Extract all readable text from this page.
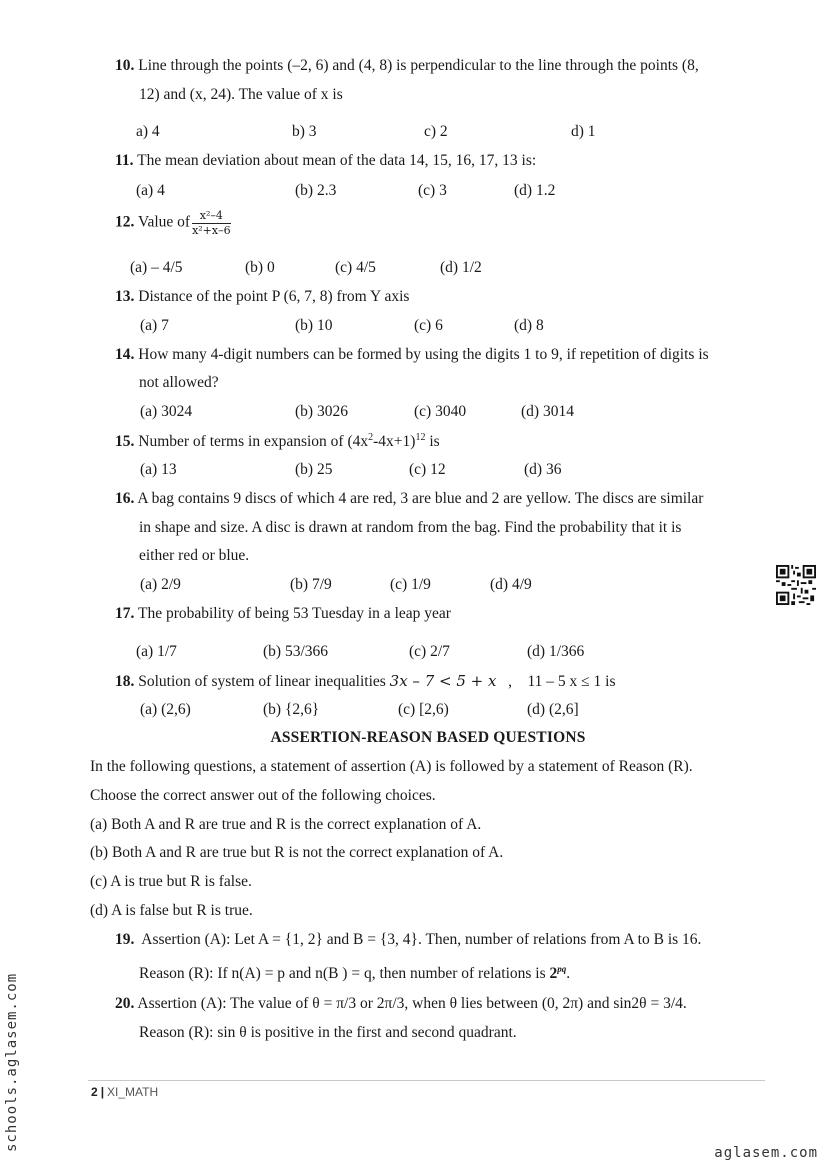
10. Line through the points (–2, 6) and (4, 8) is perpendicular to the line through the points (8,
12) and (x, 24). The value of x is
a) 4	b) 3	c) 2	d) 1
11. The mean deviation about mean of the data 14, 15, 16, 17, 13 is:
(a) 4	(b) 2.3	(c) 3	(d) 1.2
12. Value of $\frac{\text{x²–4}}{\text{x²+x–6}}$
(a) – 4/5	(b) 0	(c) 4/5	(d) 1/2
13. Distance of the point P (6, 7, 8) from Y axis
(a) 7	(b) 10	(c) 6	(d) 8
14. How many 4-digit numbers can be formed by using the digits 1 to 9, if repetition of digits is
not allowed?
(a) 3024	(b) 3026	(c) 3040	(d) 3014
15. Number of terms in expansion of $(4x^2-4x+1)^{12}$ is
(a) 13	(b) 25	(c) 12	(d) 36
16. A bag contains 9 discs of which 4 are red, 3 are blue and 2 are yellow. The discs are similar
in shape and size. A disc is drawn at random from the bag. Find the probability that it is
either red or blue.
(a) 2/9	(b) 7/9	(c) 1/9	(d) 4/9
17. The probability of being 53 Tuesday in a leap year
(a) 1/7	(b) 53/366	(c) 2/7	(d) 1/366
18. Solution of system of linear inequalities 3x – 7 < 5 + x , 11 – 5 x ≤ 1 is
(a) (2,6)	(b) {2,6}	(c) [2,6)	(d) (2,6]
ASSERTION-REASON BASED QUESTIONS
In the following questions, a statement of assertion (A) is followed by a statement of Reason (R).
Choose the correct answer out of the following choices.
(a) Both A and R are true and R is the correct explanation of A.
(b) Both A and R are true but R is not the correct explanation of A.
(c) A is true but R is false.
(d) A is false but R is true.
19. Assertion (A): Let A = {1, 2} and B = {3, 4}. Then, number of relations from A to B is 16.
Reason (R): If n(A) = p and n(B ) = q, then number of relations is $2^{pq}$.
20. Assertion (A): The value of θ = π/3 or 2π/3, when θ lies between (0, 2π) and sin2θ = 3/4.
Reason (R): sin θ is positive in the first and second quadrant.
2 | XI_MATH
schools.aglasem.com
aglasem.com
